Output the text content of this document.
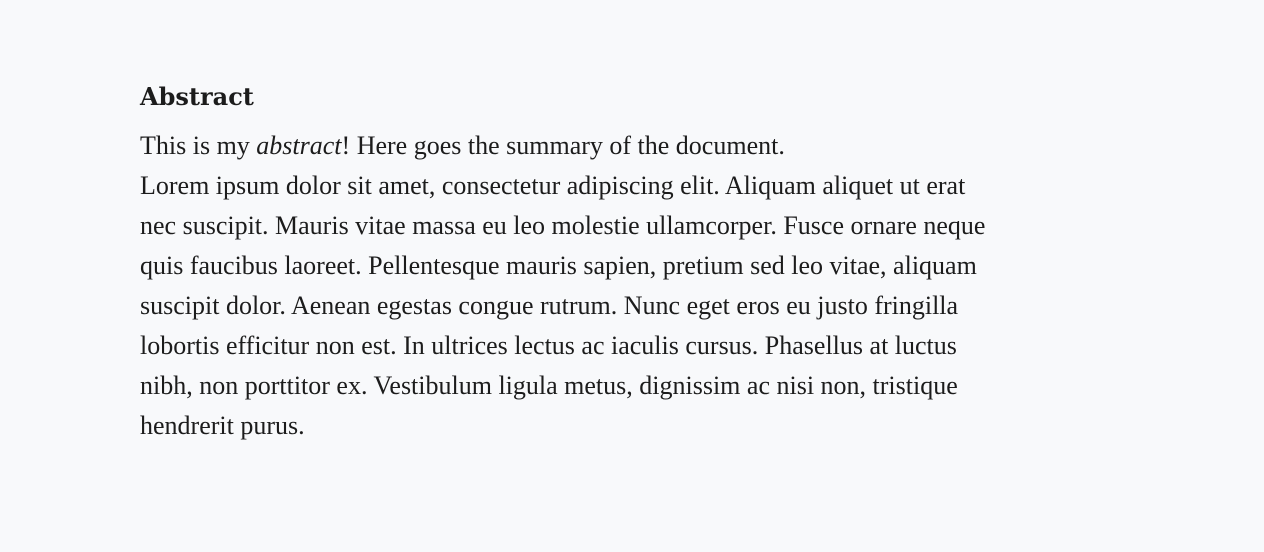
Abstract

This is my abstract! Here goes the summary of the document.
Lorem ipsum dolor sit amet, consectetur adipiscing elit. Aliquam aliquet ut erat
nec suscipit. Mauris vitae massa eu leo molestie ullamcorper. Fusce ornare neque
quis faucibus laoreet. Pellentesque mauris sapien, pretium sed leo vitae, aliquam
suscipit dolor. Aenean egestas congue rutrum. Nunc eget eros eu justo fringilla
lobortis efficitur non est. In ultrices lectus ac iaculis cursus. Phasellus at luctus
nibh, non porttitor ex. Vestibulum ligula metus, dignissim ac nisi non, tristique
hendrerit purus.
